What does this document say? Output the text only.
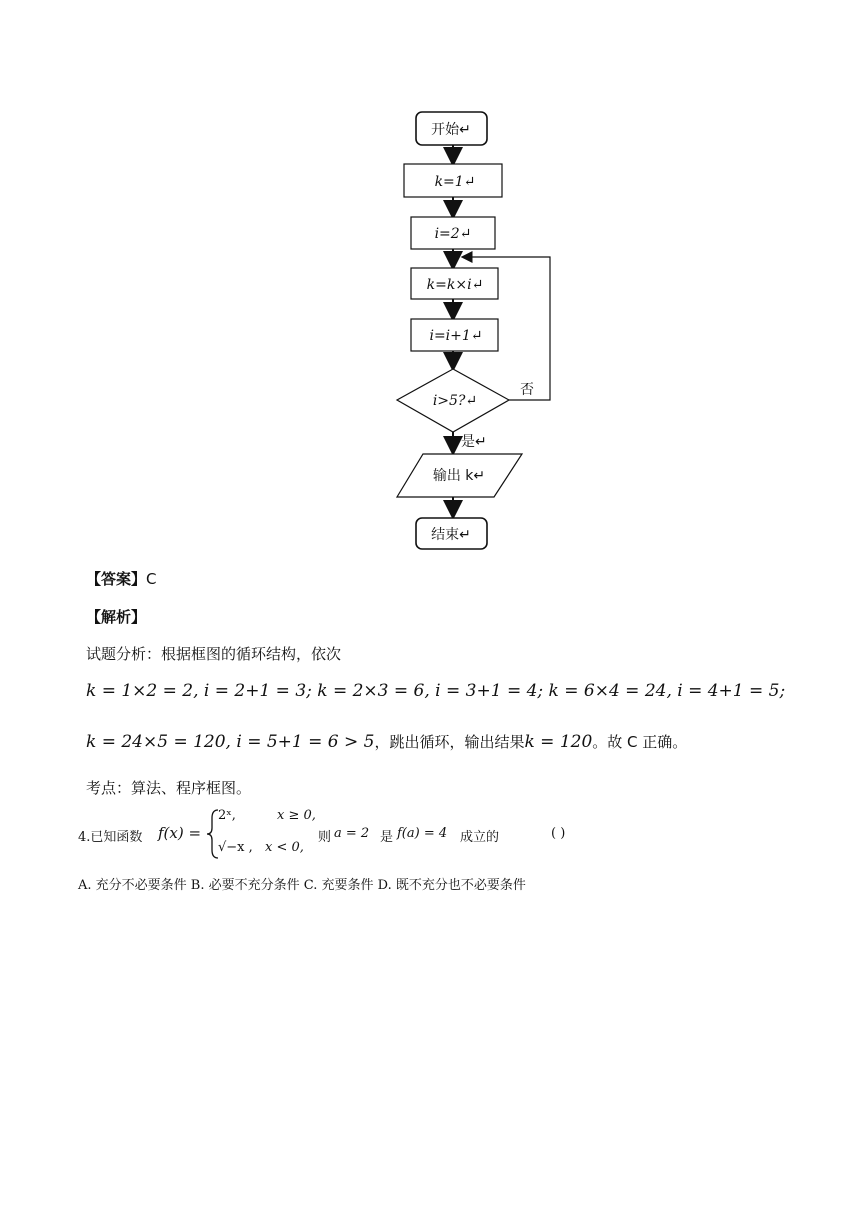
开始↵
k=1↵
i=2↵
k=k×i↵
i=i+1↵
i>5?↵
否
是↵
输出 k↵
结束↵
【答案】C
【解析】
试题分析：根据框图的循环结构，依次
k = 1×2 = 2, i = 2+1 = 3; k = 2×3 = 6, i = 3+1 = 4; k = 6×4 = 24, i = 4+1 = 5;
k = 24×5 = 120, i = 5+1 = 6 > 5，跳出循环，输出结果k = 120。故 C 正确。
考点：算法、程序框图。
4.已知函数 f(x) =
2ˣ,	x ≥ 0,
√−x , x < 0,
则 a = 2 是 f(a) = 4 成立的	( )
A. 充分不必要条件 B. 必要不充分条件 C. 充要条件 D. 既不充分也不必要条件
